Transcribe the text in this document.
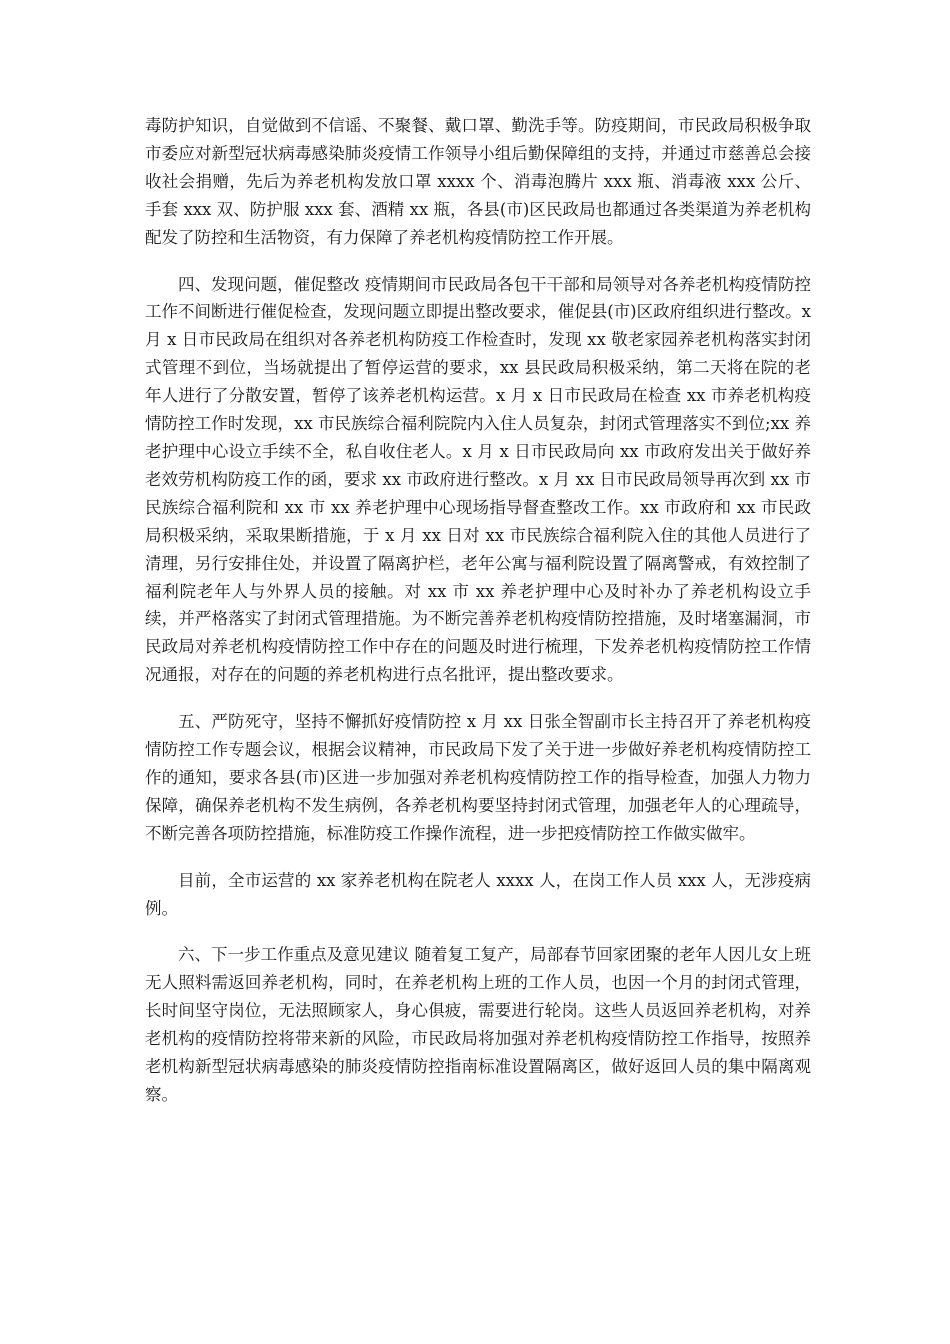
毒防护知识，自觉做到不信谣、不聚餐、戴口罩、勤洗手等。防疫期间，市民政局积极争取市委应对新型冠状病毒感染肺炎疫情工作领导小组后勤保障组的支持，并通过市慈善总会接收社会捐赠，先后为养老机构发放口罩 xxxx 个、消毒泡腾片 xxx 瓶、消毒液 xxx 公斤、手套 xxx 双、防护服 xxx 套、酒精 xx 瓶，各县(市)区民政局也都通过各类渠道为养老机构配发了防控和生活物资，有力保障了养老机构疫情防控工作开展。

四、发现问题，催促整改 疫情期间市民政局各包干干部和局领导对各养老机构疫情防控工作不间断进行催促检查，发现问题立即提出整改要求，催促县(市)区政府组织进行整改。x 月 x 日市民政局在组织对各养老机构防疫工作检查时，发现 xx 敬老家园养老机构落实封闭式管理不到位，当场就提出了暂停运营的要求，xx 县民政局积极采纳，第二天将在院的老年人进行了分散安置，暂停了该养老机构运营。x 月 x 日市民政局在检查 xx 市养老机构疫情防控工作时发现，xx 市民族综合福利院院内入住人员复杂，封闭式管理落实不到位;xx 养老护理中心设立手续不全，私自收住老人。x 月 x 日市民政局向 xx 市政府发出关于做好养老效劳机构防疫工作的函，要求 xx 市政府进行整改。x 月 xx 日市民政局领导再次到 xx 市民族综合福利院和 xx 市 xx 养老护理中心现场指导督查整改工作。xx 市政府和 xx 市民政局积极采纳，采取果断措施，于 x 月 xx 日对 xx 市民族综合福利院入住的其他人员进行了清理，另行安排住处，并设置了隔离护栏，老年公寓与福利院设置了隔离警戒，有效控制了福利院老年人与外界人员的接触。对 xx 市 xx 养老护理中心及时补办了养老机构设立手续，并严格落实了封闭式管理措施。为不断完善养老机构疫情防控措施，及时堵塞漏洞，市民政局对养老机构疫情防控工作中存在的问题及时进行梳理，下发养老机构疫情防控工作情况通报，对存在的问题的养老机构进行点名批评，提出整改要求。

五、严防死守，坚持不懈抓好疫情防控 x 月 xx 日张全智副市长主持召开了养老机构疫情防控工作专题会议，根据会议精神，市民政局下发了关于进一步做好养老机构疫情防控工作的通知，要求各县(市)区进一步加强对养老机构疫情防控工作的指导检查，加强人力物力保障，确保养老机构不发生病例，各养老机构要坚持封闭式管理，加强老年人的心理疏导，不断完善各项防控措施，标准防疫工作操作流程，进一步把疫情防控工作做实做牢。

目前，全市运营的 xx 家养老机构在院老人 xxxx 人，在岗工作人员 xxx 人，无涉疫病例。

六、下一步工作重点及意见建议 随着复工复产，局部春节回家团聚的老年人因儿女上班无人照料需返回养老机构，同时，在养老机构上班的工作人员，也因一个月的封闭式管理，长时间坚守岗位，无法照顾家人，身心俱疲，需要进行轮岗。这些人员返回养老机构，对养老机构的疫情防控将带来新的风险，市民政局将加强对养老机构疫情防控工作指导，按照养老机构新型冠状病毒感染的肺炎疫情防控指南标准设置隔离区，做好返回人员的集中隔离观察。
